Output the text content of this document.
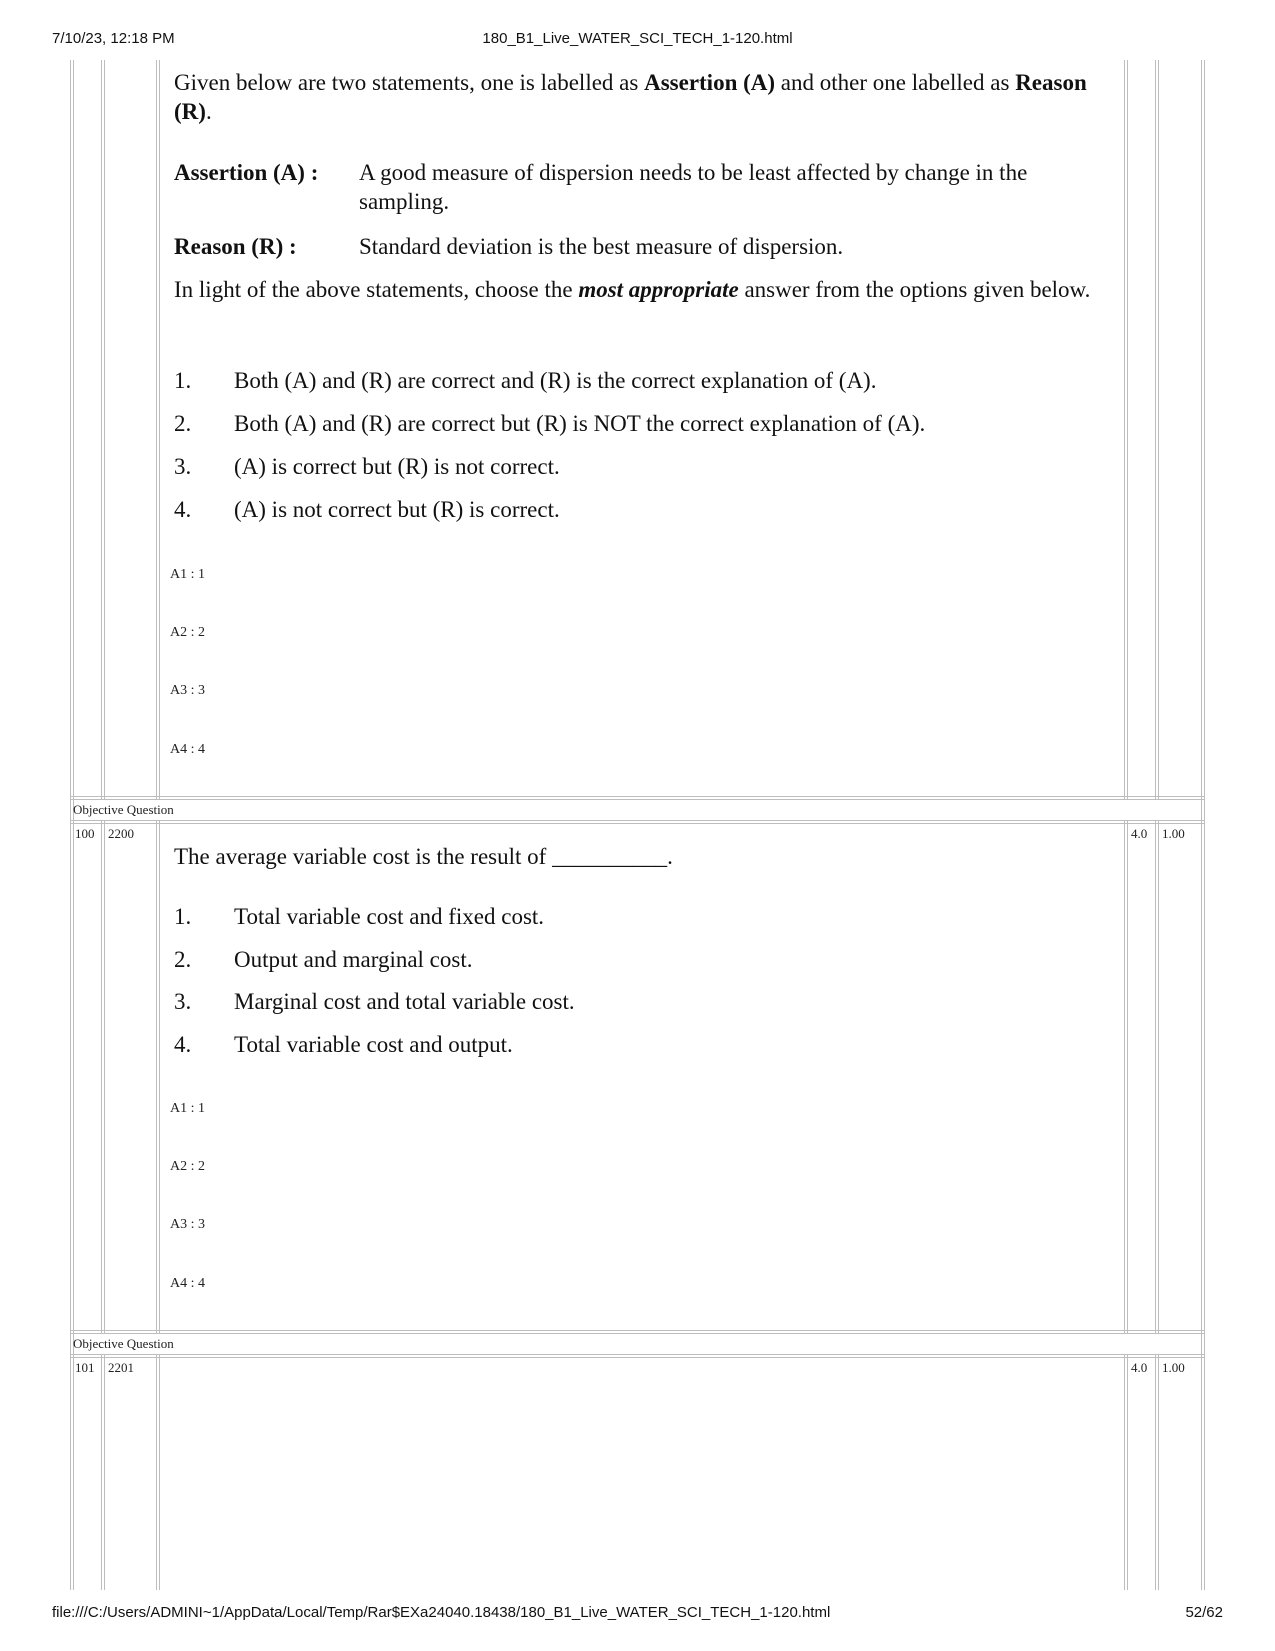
7/10/23, 12:18 PM	180_B1_Live_WATER_SCI_TECH_1-120.html
Given below are two statements, one is labelled as Assertion (A) and other one labelled as Reason (R).
Assertion (A) : A good measure of dispersion needs to be least affected by change in the sampling.
Reason (R) :	Standard deviation is the best measure of dispersion.
In light of the above statements, choose the most appropriate answer from the options given below.
1. Both (A) and (R) are correct and (R) is the correct explanation of (A).
2. Both (A) and (R) are correct but (R) is NOT the correct explanation of (A).
3. (A) is correct but (R) is not correct.
4. (A) is not correct but (R) is correct.
A1 : 1
A2 : 2
A3 : 3
A4 : 4
Objective Question
100 2200	4.0 1.00
The average variable cost is the result of __________.
1. Total variable cost and fixed cost.
2. Output and marginal cost.
3. Marginal cost and total variable cost.
4. Total variable cost and output.
A1 : 1
A2 : 2
A3 : 3
A4 : 4
Objective Question
101 2201	4.0 1.00
file:///C:/Users/ADMINI~1/AppData/Local/Temp/Rar$EXa24040.18438/180_B1_Live_WATER_SCI_TECH_1-120.html	52/62
